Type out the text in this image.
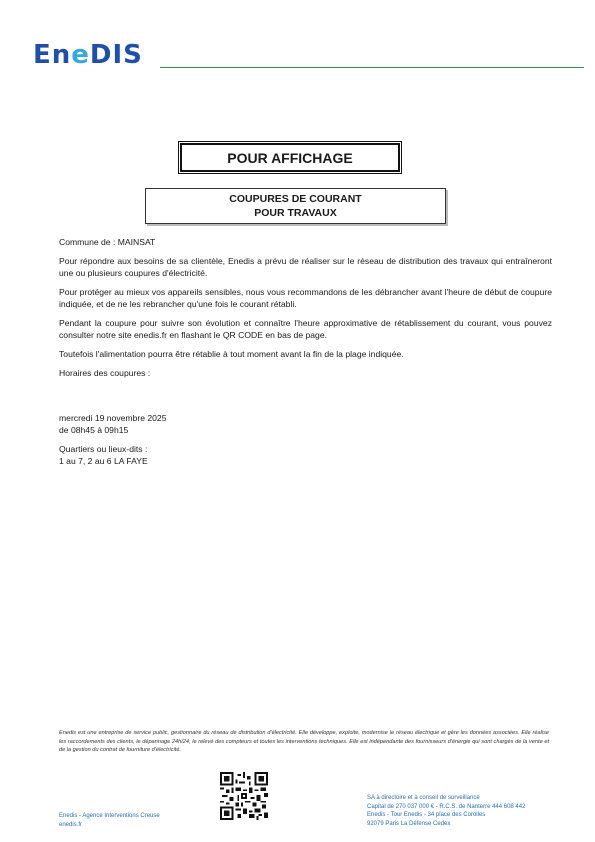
EneDIS
POUR AFFICHAGE
COUPURES DE COURANT
POUR TRAVAUX

Commune de : MAINSAT

Pour répondre aux besoins de sa clientèle, Enedis a prévu de réaliser sur le réseau de distribution des travaux qui entraîneront une ou plusieurs coupures d'électricité.

Pour protéger au mieux vos appareils sensibles, nous vous recommandons de les débrancher avant l'heure de début de coupure indiquée, et de ne les rebrancher qu'une fois le courant rétabli.

Pendant la coupure pour suivre son évolution et connaître l'heure approximative de rétablissement du courant, vous pouvez consulter notre site enedis.fr en flashant le QR CODE en bas de page.

Toutefois l'alimentation pourra être rétablie à tout moment avant la fin de la plage indiquée.

Horaires des coupures :

mercredi 19 novembre 2025

de 08h45 à 09h15

Quartiers ou lieux-dits :

1 au 7, 2 au 6 LA FAYE

Enedis est une entreprise de service public, gestionnaire du réseau de distribution d'électricité. Elle développe, exploite, modernise le réseau électrique et gère les données associées. Elle réalise les raccordements des clients, le dépannage 24h/24, le relevé des compteurs et toutes les interventions techniques. Elle est indépendante des fournisseurs d'énergie qui sont chargés de la vente et de la gestion du contrat de fourniture d'électricité.
Enedis - Agence Interventions Creuse
enedis.fr
SA à directoire et à conseil de surveillance
Capital de 270 037 000 € - R.C.S. de Nanterre 444 608 442
Enedis - Tour Enedis - 34 place des Corolles
92079 Paris La Défense Cedex
